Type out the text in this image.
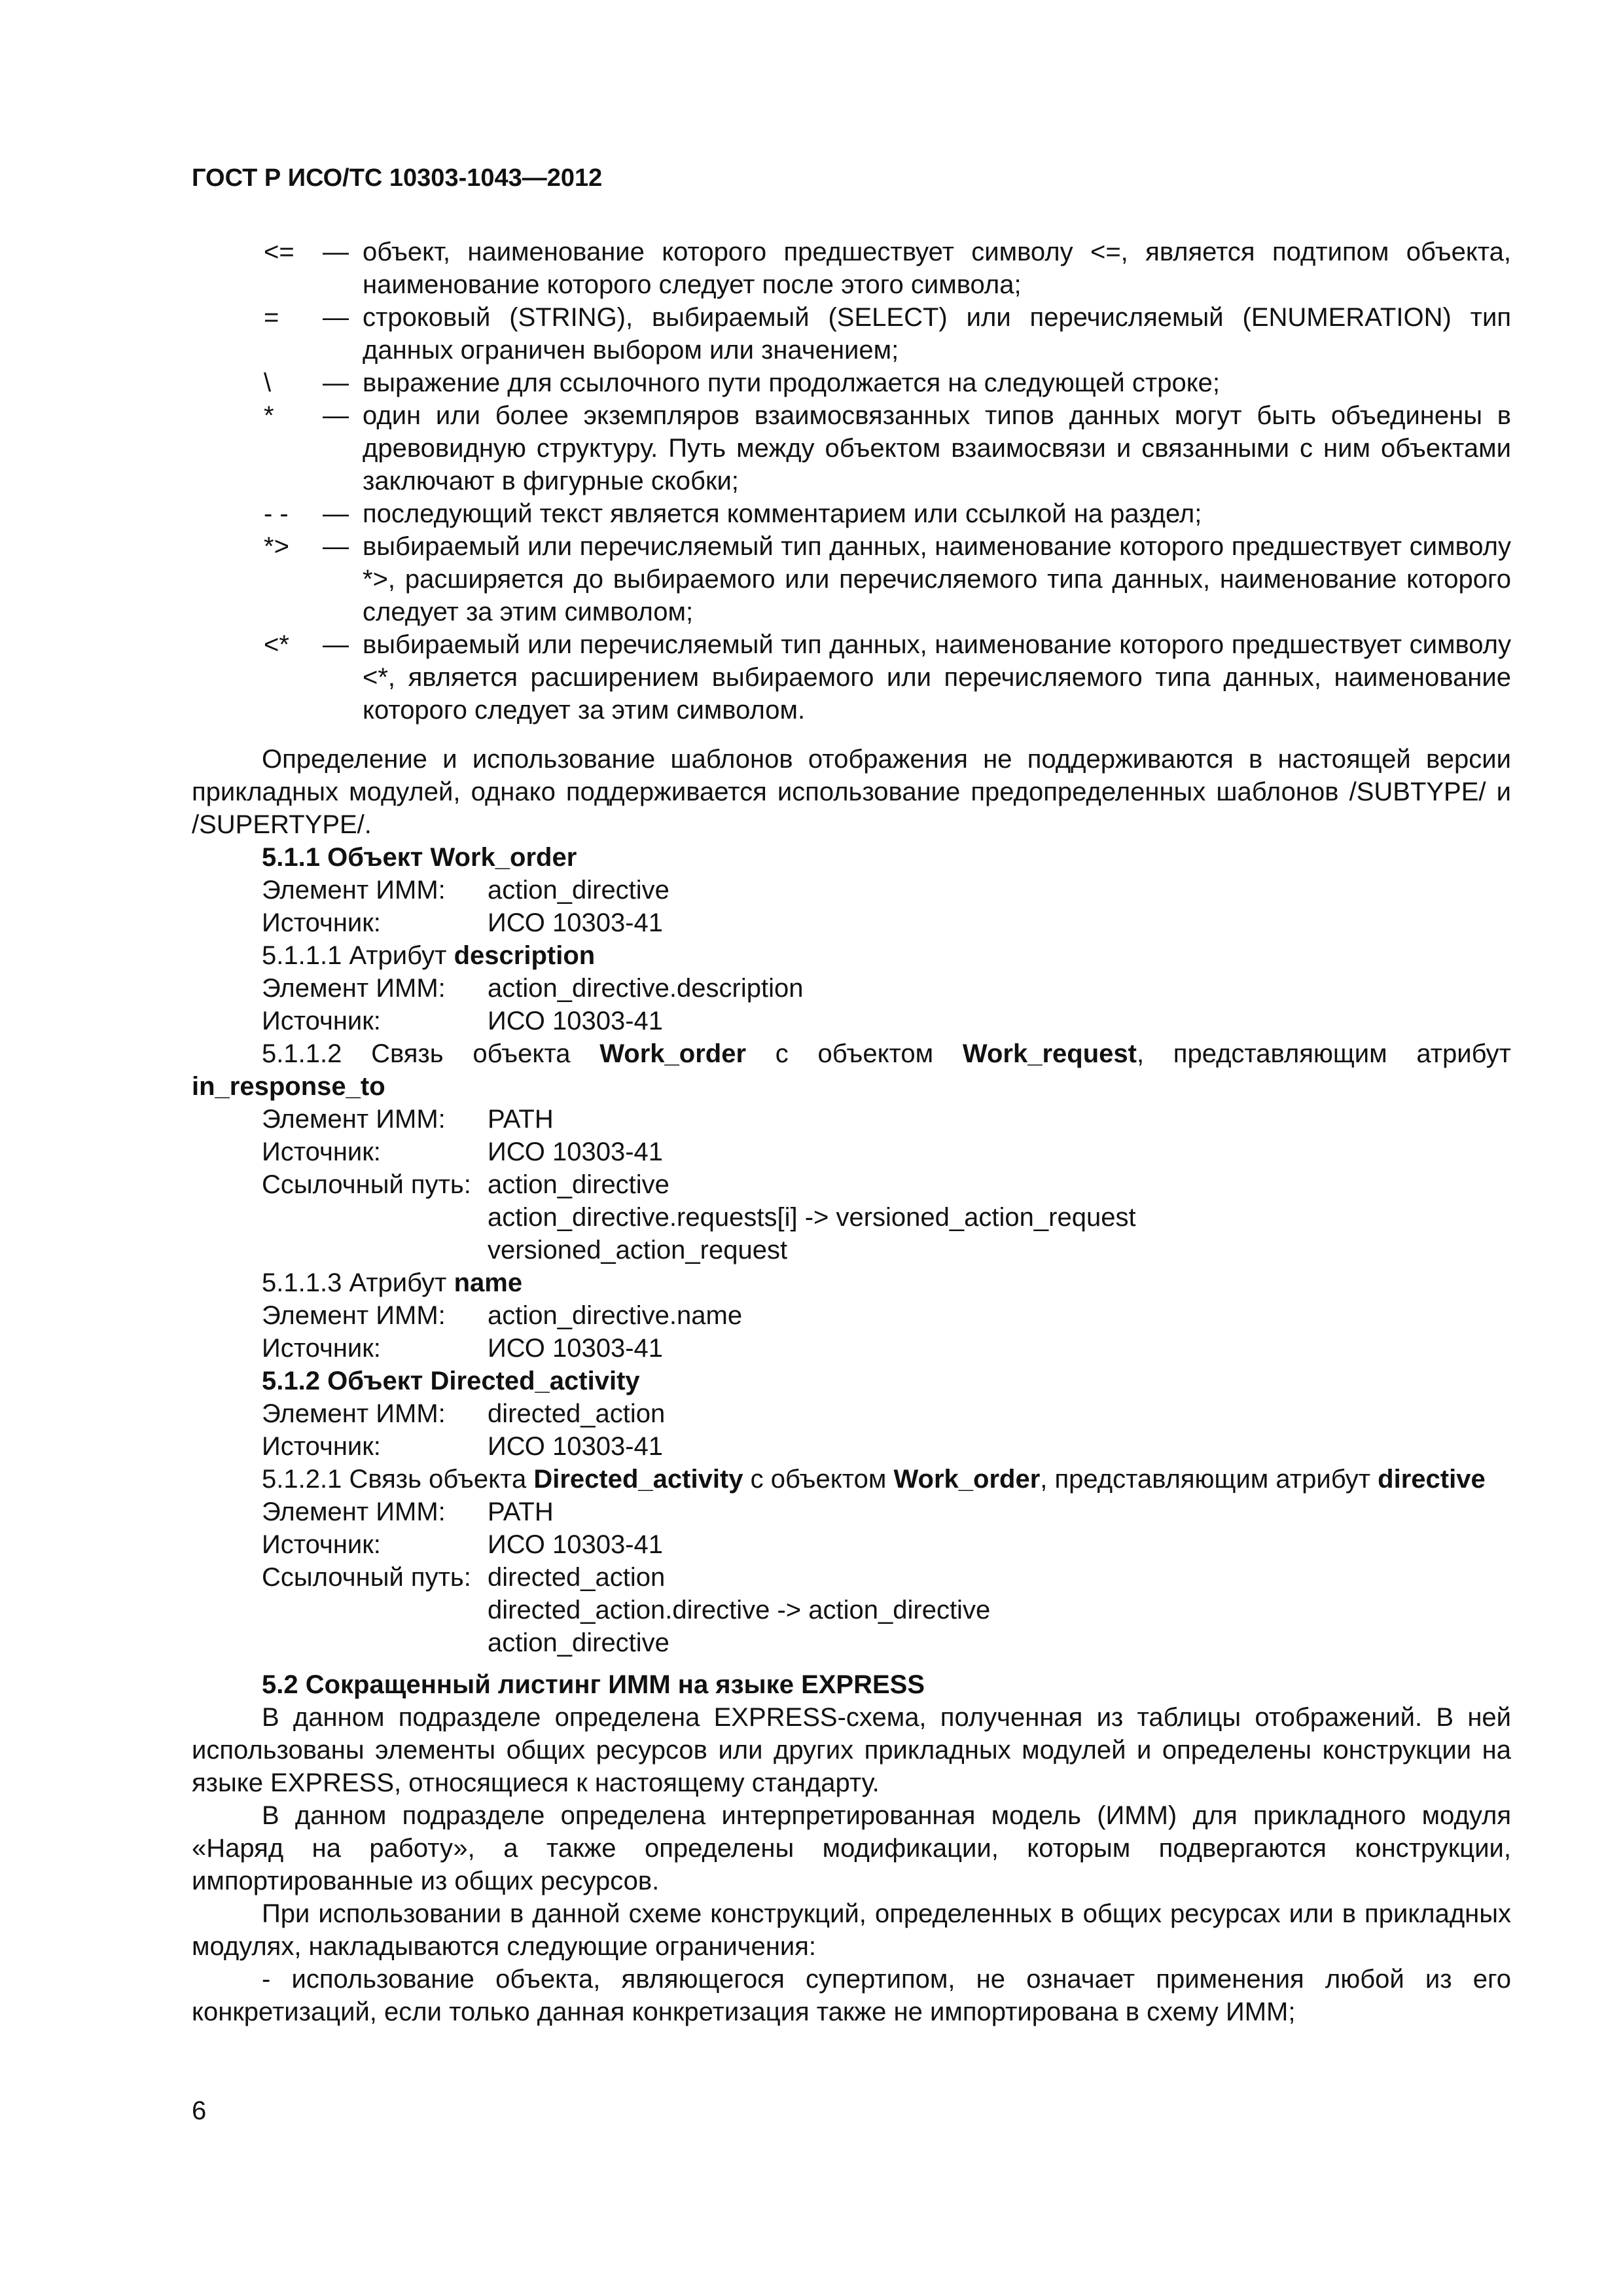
ГОСТ Р ИСО/ТС 10303-1043—2012
<= — объект, наименование которого предшествует символу <=, является подтипом объекта, наименование которого следует после этого символа;
= — строковый (STRING), выбираемый (SELECT) или перечисляемый (ENUMERATION) тип данных ограничен выбором или значением;
\ — выражение для ссылочного пути продолжается на следующей строке;
* — один или более экземпляров взаимосвязанных типов данных могут быть объединены в древовидную структуру. Путь между объектом взаимосвязи и связанными с ним объектами заключают в фигурные скобки;
- - — последующий текст является комментарием или ссылкой на раздел;
*> — выбираемый или перечисляемый тип данных, наименование которого предшествует символу *>, расширяется до выбираемого или перечисляемого типа данных, наименование которого следует за этим символом;
<* — выбираемый или перечисляемый тип данных, наименование которого предшествует символу <*, является расширением выбираемого или перечисляемого типа данных, наименование которого следует за этим символом.

Определение и использование шаблонов отображения не поддерживаются в настоящей версии прикладных модулей, однако поддерживается использование предопределенных шаблонов /SUBTYPE/ и /SUPERTYPE/.

5.1.1 Объект Work_order
Элемент ИММ:	action_directive
Источник:	ИСО 10303-41
5.1.1.1 Атрибут description
Элемент ИММ:	action_directive.description
Источник:	ИСО 10303-41

5.1.1.2 Связь объекта Work_order с объектом Work_request, представляющим атрибут in_response_to

Элемент ИММ:	PATH
Источник:	ИСО 10303-41
Ссылочный путь: action_directive
action_directive.requests[i] -> versioned_action_request
versioned_action_request
5.1.1.3 Атрибут name
Элемент ИММ:	action_directive.name
Источник:	ИСО 10303-41
5.1.2 Объект Directed_activity
Элемент ИММ:	directed_action
Источник:	ИСО 10303-41

5.1.2.1 Связь объекта Directed_activity с объектом Work_order, представляющим атрибут directive

Элемент ИММ:	PATH
Источник:	ИСО 10303-41
Ссылочный путь: directed_action
directed_action.directive -> action_directive
action_directive
5.2 Сокращенный листинг ИММ на языке EXPRESS

В данном подразделе определена EXPRESS-схема, полученная из таблицы отображений. В ней использованы элементы общих ресурсов или других прикладных модулей и определены конструкции на языке EXPRESS, относящиеся к настоящему стандарту.

В данном подразделе определена интерпретированная модель (ИММ) для прикладного модуля «Наряд на работу», а также определены модификации, которым подвергаются конструкции, импортированные из общих ресурсов.

При использовании в данной схеме конструкций, определенных в общих ресурсах или в прикладных модулях, накладываются следующие ограничения:

- использование объекта, являющегося супертипом, не означает применения любой из его конкретизаций, если только данная конкретизация также не импортирована в схему ИММ;

6
